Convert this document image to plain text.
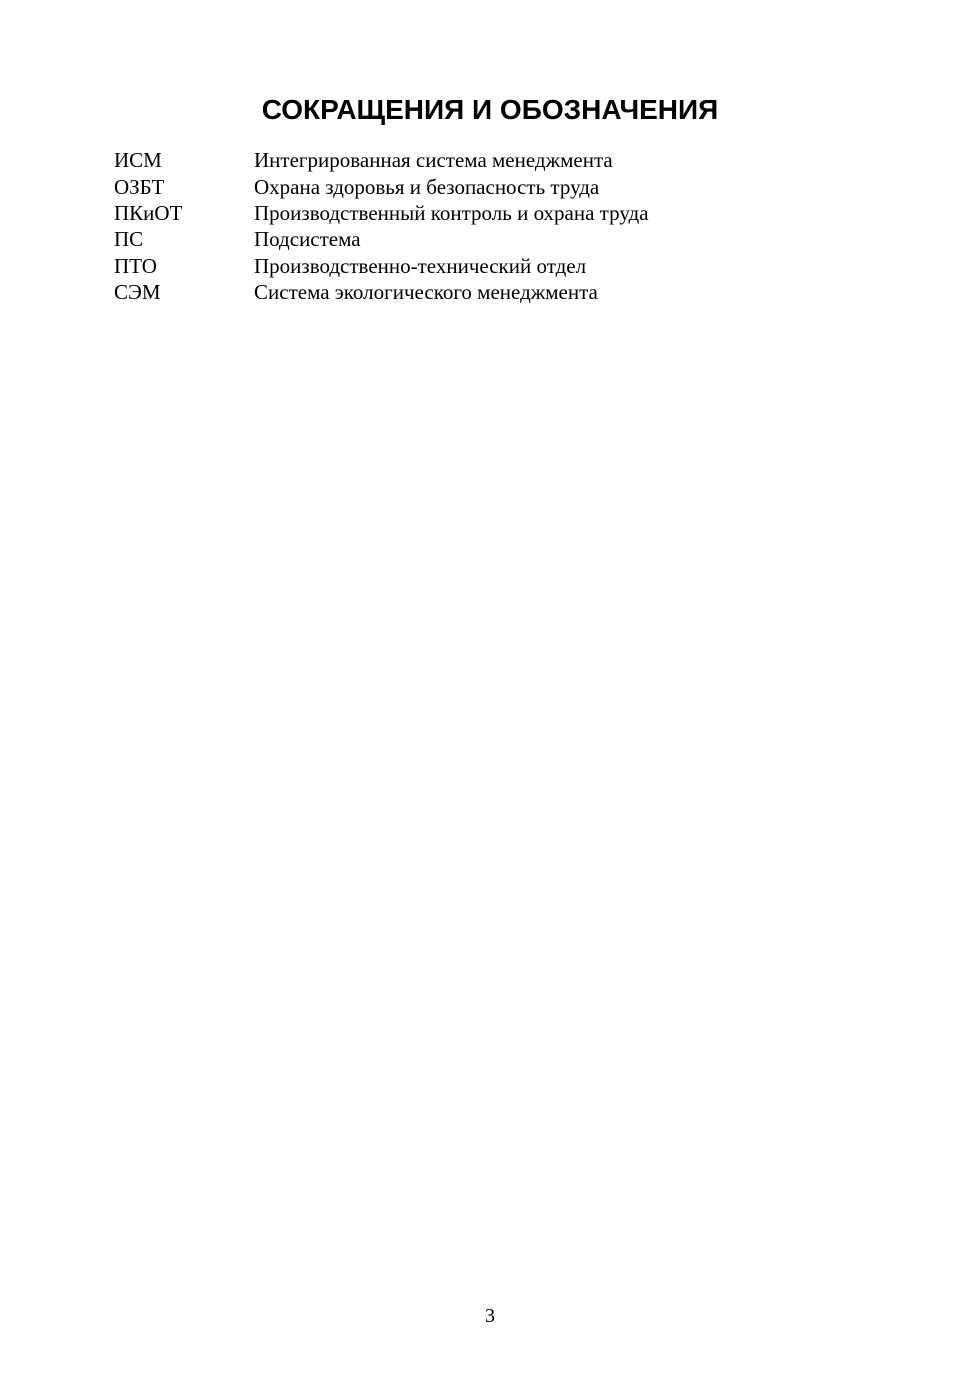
СОКРАЩЕНИЯ И ОБОЗНАЧЕНИЯ
ИСМ	Интегрированная система менеджмента
ОЗБТ	Охрана здоровья и безопасность труда
ПКиОТ	Производственный контроль и охрана труда
ПС	Подсистема
ПТО	Производственно-технический отдел
СЭМ	Система экологического менеджмента
3
